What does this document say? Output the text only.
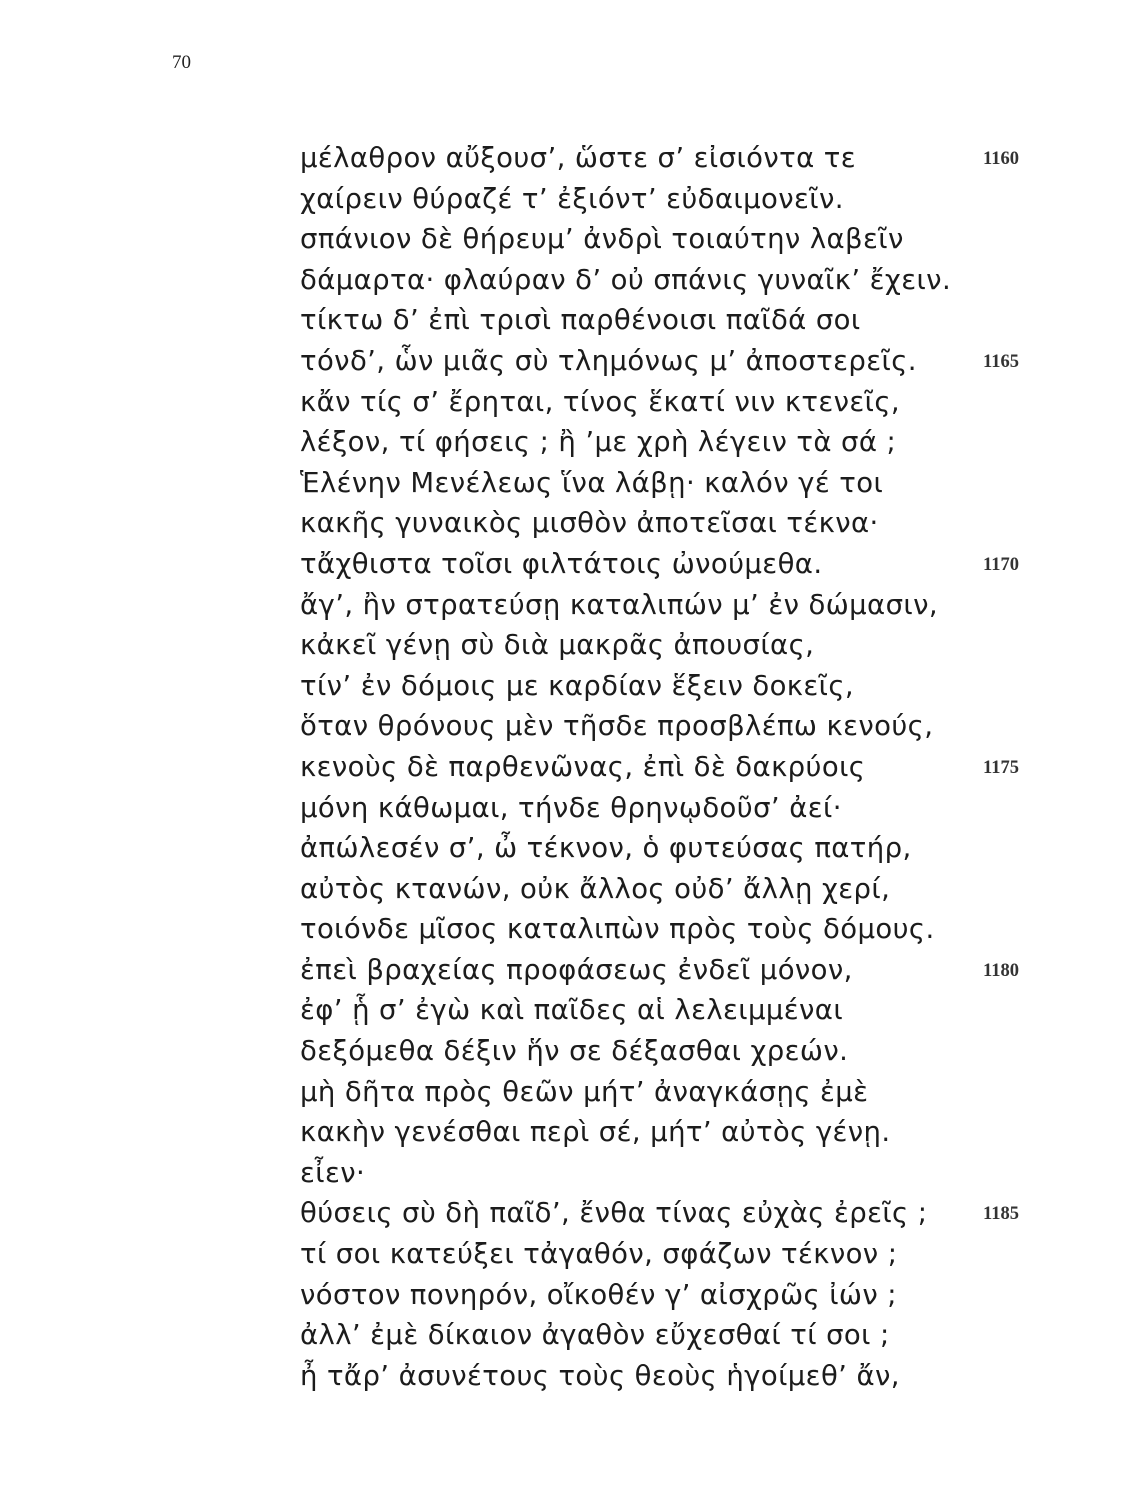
70
μέλαθρον αὔξουσ’, ὥστε σ’ εἰσιόντα τε	1160
χαίρειν θύραζέ τ’ ἐξιόντ’ εὐδαιμονεῖν.
σπάνιον δὲ θήρευμ’ ἀνδρὶ τοιαύτην λαβεῖν
δάμαρτα· φλαύραν δ’ οὐ σπάνις γυναῖκ’ ἔχειν.
τίκτω δ’ ἐπὶ τρισὶ παρθένοισι παῖδά σοι
τόνδ’, ὧν μιᾶς σὺ τλημόνως μ’ ἀποστερεῖς.	1165
κἄν τίς σ’ ἔρηται, τίνος ἕκατί νιν κτενεῖς,
λέξον, τί φήσεις ; ἢ ’με χρὴ λέγειν τὰ σά ;
Ἑλένην Μενέλεως ἵνα λάβῃ· καλόν γέ τοι
κακῆς γυναικὸς μισθὸν ἀποτεῖσαι τέκνα·
τἄχθιστα τοῖσι φιλτάτοις ὠνούμεθα.	1170
ἄγ’, ἢν στρατεύσῃ καταλιπών μ’ ἐν δώμασιν,
κἀκεῖ γένῃ σὺ διὰ μακρᾶς ἀπουσίας,
τίν’ ἐν δόμοις με καρδίαν ἕξειν δοκεῖς,
ὅταν θρόνους μὲν τῆσδε προσβλέπω κενούς,
κενοὺς δὲ παρθενῶνας, ἐπὶ δὲ δακρύοις	1175
μόνη κάθωμαι, τήνδε θρηνῳδοῦσ’ ἀεί·
ἀπώλεσέν σ’, ὦ τέκνον, ὁ φυτεύσας πατήρ,
αὐτὸς κτανών, οὐκ ἄλλος οὐδ’ ἄλλῃ χερί,
τοιόνδε μῖσος καταλιπὼν πρὸς τοὺς δόμους.
ἐπεὶ βραχείας προφάσεως ἐνδεῖ μόνον,	1180
ἐφ’ ᾗ σ’ ἐγὼ καὶ παῖδες αἱ λελειμμέναι
δεξόμεθα δέξιν ἥν σε δέξασθαι χρεών.
μὴ δῆτα πρὸς θεῶν μήτ’ ἀναγκάσῃς ἐμὲ
κακὴν γενέσθαι περὶ σέ, μήτ’ αὐτὸς γένῃ.
εἶεν·
θύσεις σὺ δὴ παῖδ’, ἔνθα τίνας εὐχὰς ἐρεῖς ;	1185
τί σοι κατεύξει τἀγαθόν, σφάζων τέκνον ;
νόστον πονηρόν, οἴκοθέν γ’ αἰσχρῶς ἰών ;
ἀλλ’ ἐμὲ δίκαιον ἀγαθὸν εὔχεσθαί τί σοι ;
ἦ τἄρ’ ἀσυνέτους τοὺς θεοὺς ἡγοίμεθ’ ἄν,
